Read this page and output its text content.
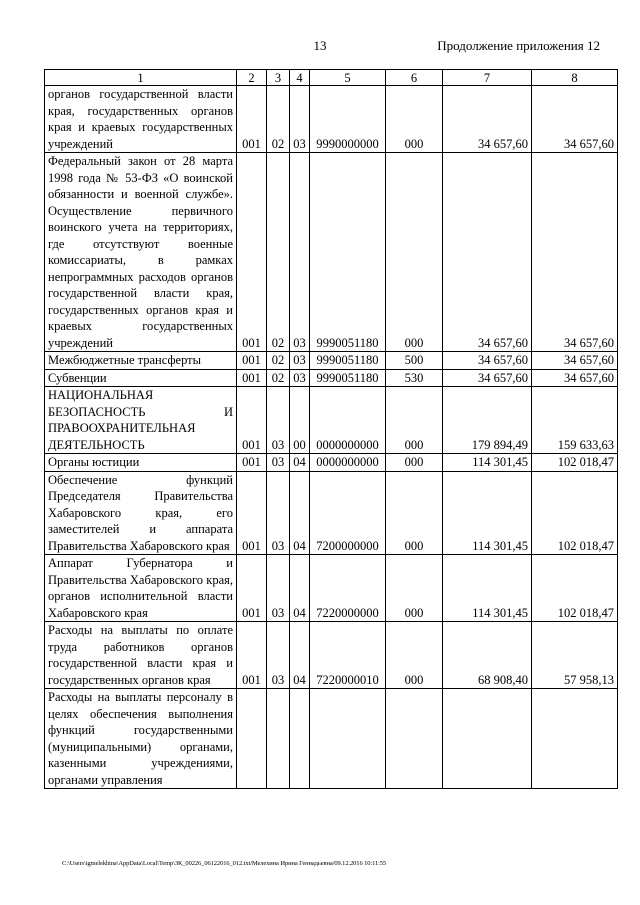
13	Продолжение приложения 12
1	2	3	4	5	6	7	8
органов государственной власти края, государственных органов края и краевых государственных учреждений	001	02	03	9990000000	000	34 657,60	34 657,60
Федеральный закон от 28 марта 1998 года № 53-ФЗ «О воинской обязанности и военной службе». Осуществление первичного воинского учета на территориях, где отсутствуют военные комиссариаты, в рамках непрограммных расходов органов государственной власти края, государственных органов края и краевых государственных учреждений	001	02	03	9990051180	000	34 657,60	34 657,60
Межбюджетные трансферты	001	02	03	9990051180	500	34 657,60	34 657,60
Субвенции	001	02	03	9990051180	530	34 657,60	34 657,60
НАЦИОНАЛЬНАЯ БЕЗОПАСНОСТЬ И ПРАВООХРАНИТЕЛЬНАЯ ДЕЯТЕЛЬНОСТЬ	001	03	00	0000000000	000	179 894,49	159 633,63
Органы юстиции	001	03	04	0000000000	000	114 301,45	102 018,47
Обеспечение функций Председателя Правительства Хабаровского края, его заместителей и аппарата Правительства Хабаровского края	001	03	04	7200000000	000	114 301,45	102 018,47
Аппарат Губернатора и Правительства Хабаровского края, органов исполнительной власти Хабаровского края	001	03	04	7220000000	000	114 301,45	102 018,47
Расходы на выплаты по оплате труда работников органов государственной власти края и государственных органов края	001	03	04	7220000010	000	68 908,40	57 958,13
Расходы на выплаты персоналу в целях обеспечения выполнения функций государственными (муниципальными) органами, казенными учреждениями, органами управления							
C:\Users\igmelekhina\AppData\Local\Temp\ЗК_00226_06122016_012.txt/Мелехина Ирина Геннадьевна/09.12.2016 10:11:55
